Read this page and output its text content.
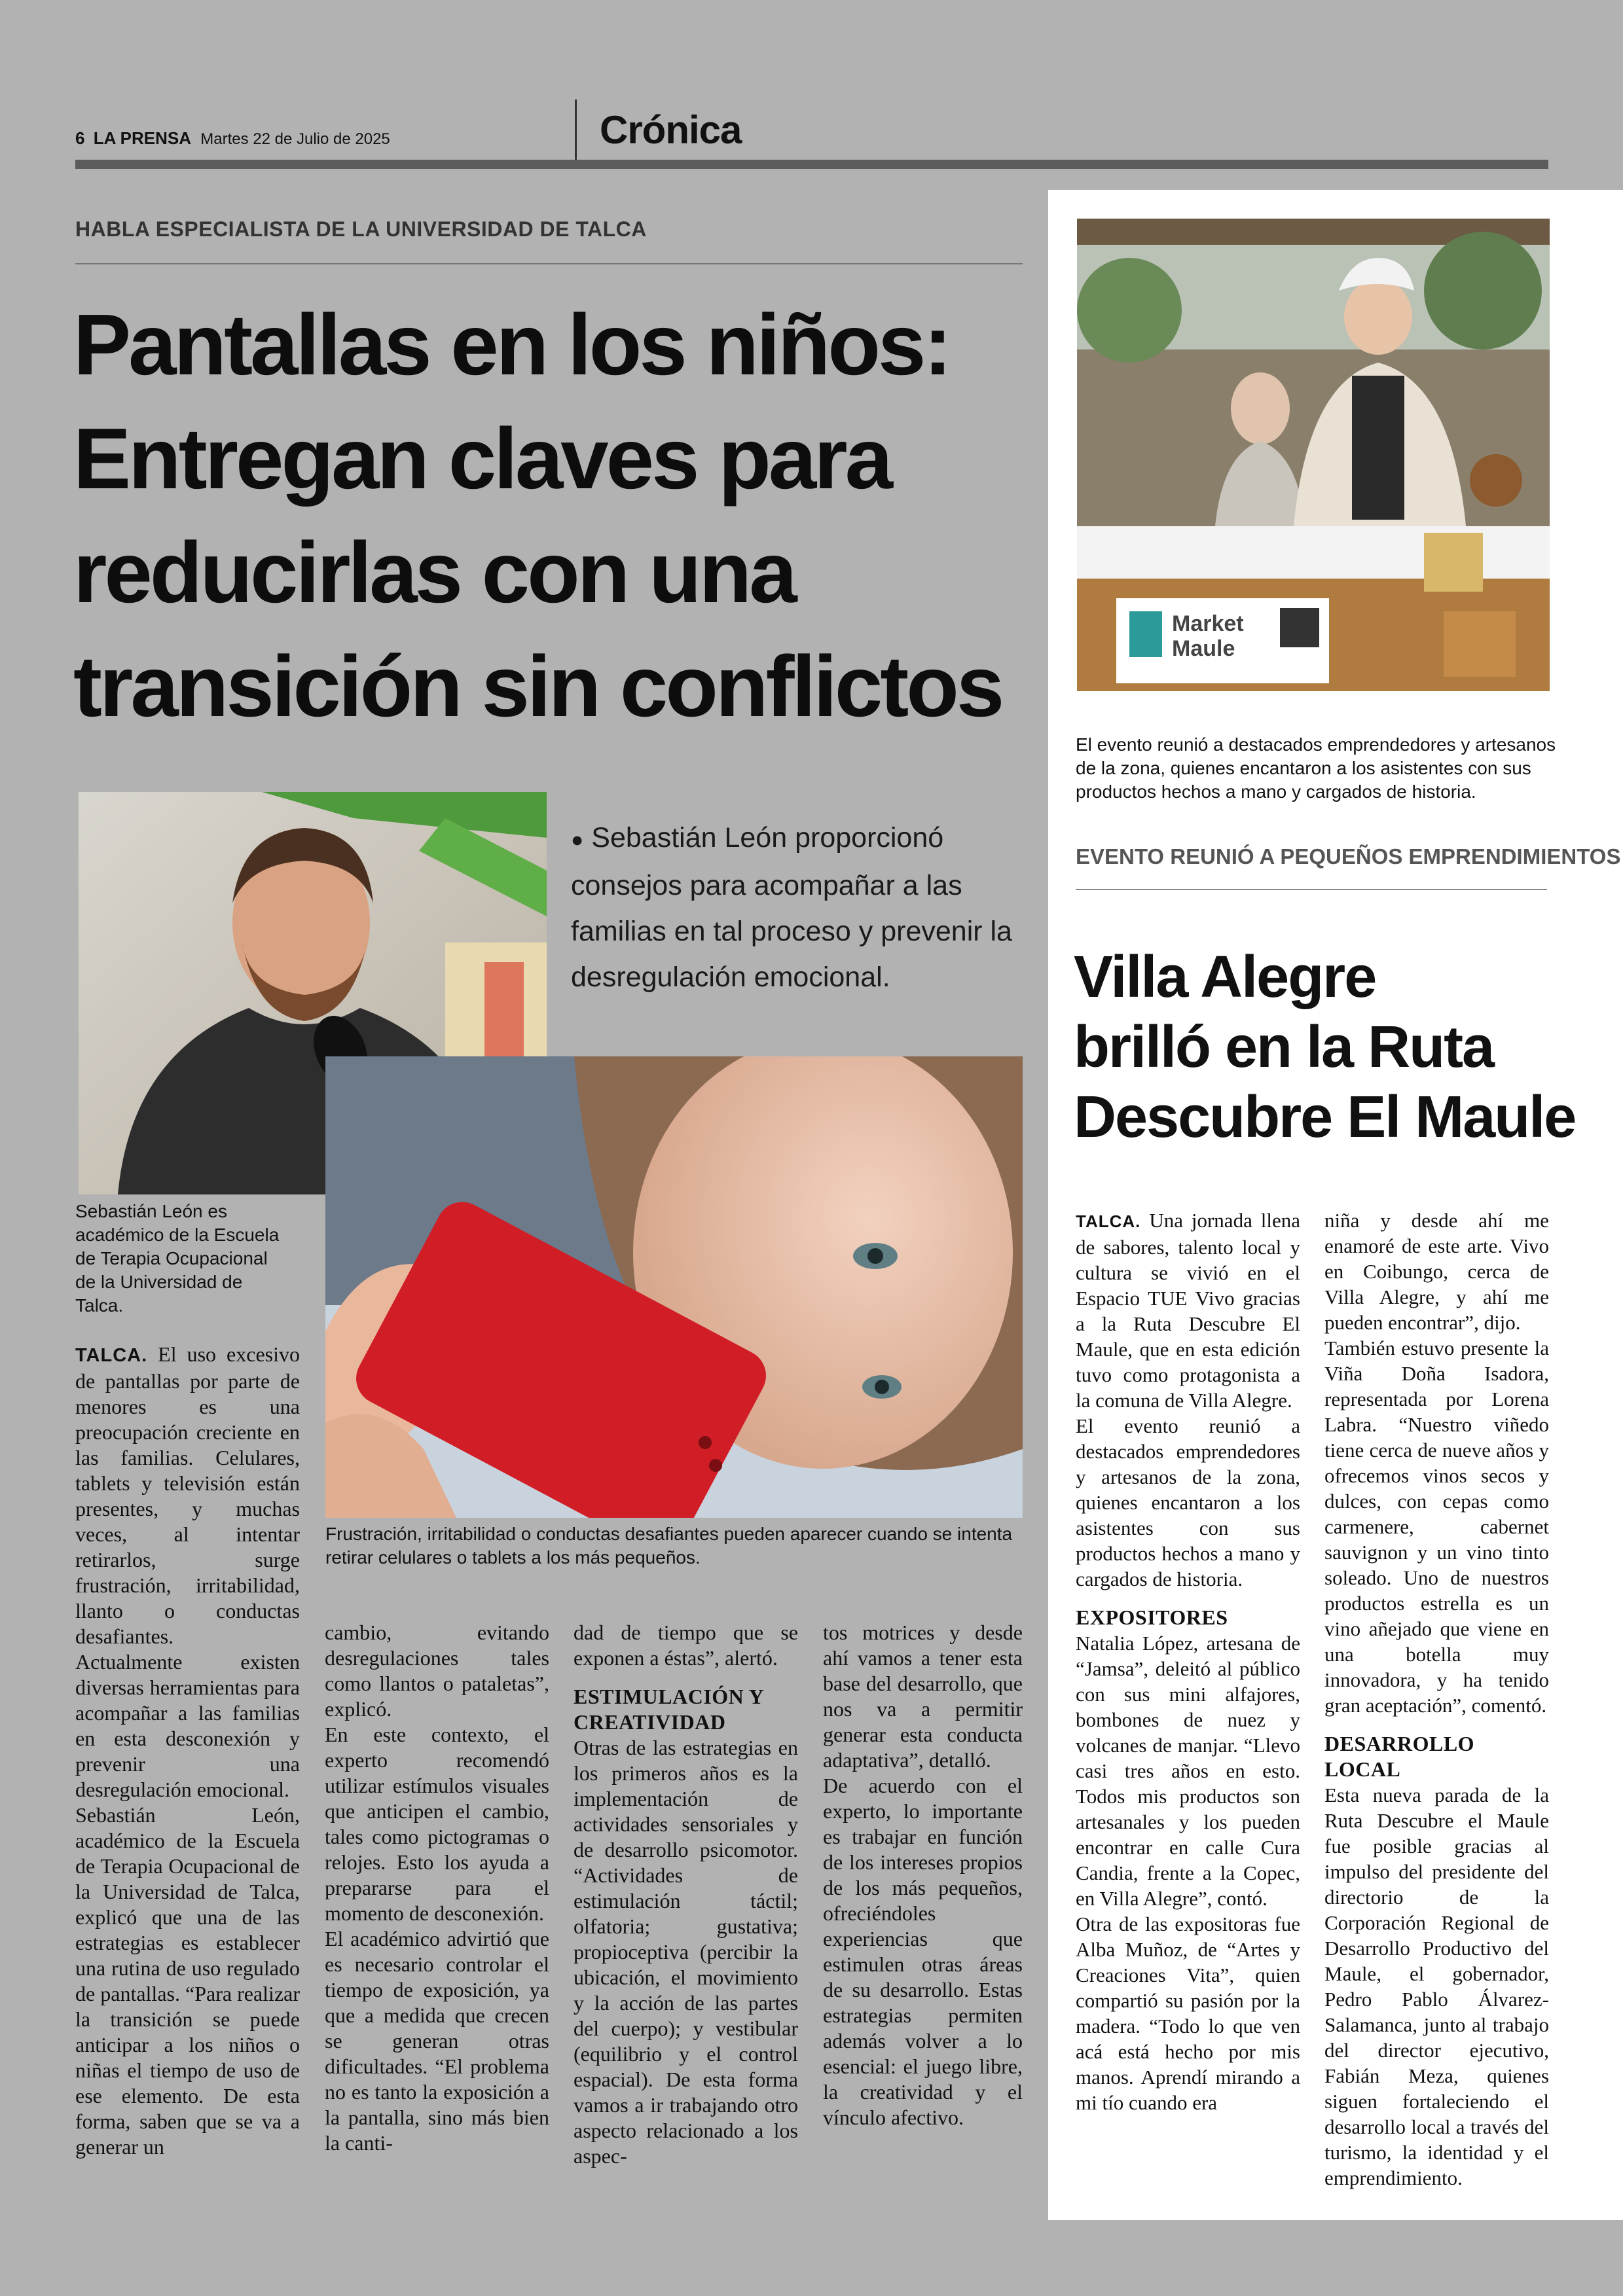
6 LA PRENSA Martes 22 de Julio de 2025	Crónica
HABLA ESPECIALISTA DE LA UNIVERSIDAD DE TALCA
Pantallas en los niños:
Entregan claves para
reducirlas con una
transición sin conflictos
Sebastián León es académico de la Escuela de Terapia Ocupacional de la Universidad de Talca.
● Sebastián León proporcionó consejos para acompañar a las familias en tal proceso y prevenir la desregulación emocional.
Frustración, irritabilidad o conductas desafiantes pueden aparecer cuando se intenta retirar celulares o tablets a los más pequeños.

TALCA. El uso excesivo de pantallas por parte de menores es una preocupación creciente en las familias. Celulares, tablets y televisión están presentes, y muchas veces, al intentar retirarlos, surge frustración, irritabilidad, llanto o conductas desafiantes.

Actualmente existen diversas herramientas para acompañar a las familias en esta desconexión y prevenir una desregulación emocional.

Sebastián León, académico de la Escuela de Terapia Ocupacional de la Universidad de Talca, explicó que una de las estrategias es establecer una rutina de uso regulado de pantallas. “Para realizar la transición se puede anticipar a los niños o niñas el tiempo de uso de ese elemento. De esta forma, saben que se va a generar un

cambio, evitando desregulaciones tales como llantos o pataletas”, explicó.

En este contexto, el experto recomendó utilizar estímulos visuales que anticipen el cambio, tales como pictogramas o relojes. Esto los ayuda a prepararse para el momento de desconexión.

El académico advirtió que es necesario controlar el tiempo de exposición, ya que a medida que crecen se generan otras dificultades. “El problema no es tanto la exposición a la pantalla, sino más bien la canti-

dad de tiempo que se exponen a éstas”, alertó.

ESTIMULACIÓN Y CREATIVIDAD

Otras de las estrategias en los primeros años es la implementación de actividades sensoriales y de desarrollo psicomotor. “Actividades de estimulación táctil; olfatoria; gustativa; propioceptiva (percibir la ubicación, el movimiento y la acción de las partes del cuerpo); y vestibular (equilibrio y el control espacial). De esta forma vamos a ir trabajando otro aspecto relacionado a los aspec-

tos motrices y desde ahí vamos a tener esta base del desarrollo, que nos va a permitir generar esta conducta adaptativa”, detalló.

De acuerdo con el experto, lo importante es trabajar en función de los intereses propios de los más pequeños, ofreciéndoles experiencias que estimulen otras áreas de su desarrollo. Estas estrategias permiten además volver a lo esencial: el juego libre, la creatividad y el vínculo afectivo.

Market
Maule
El evento reunió a destacados emprendedores y artesanos de la zona, quienes encantaron a los asistentes con sus productos hechos a mano y cargados de historia.
EVENTO REUNIÓ A PEQUEÑOS EMPRENDIMIENTOS
Villa Alegre
brilló en la Ruta
Descubre El Maule

TALCA. Una jornada llena de sabores, talento local y cultura se vivió en el Espacio TUE Vivo gracias a la Ruta Descubre El Maule, que en esta edición tuvo como protagonista a la comuna de Villa Alegre.

El evento reunió a destacados emprendedores y artesanos de la zona, quienes encantaron a los asistentes con sus productos hechos a mano y cargados de historia.

EXPOSITORES

Natalia López, artesana de “Jamsa”, deleitó al público con sus mini alfajores, bombones de nuez y volcanes de manjar. “Llevo casi tres años en esto. Todos mis productos son artesanales y los pueden encontrar en calle Cura Candia, frente a la Copec, en Villa Alegre”, contó.

Otra de las expositoras fue Alba Muñoz, de “Artes y Creaciones Vita”, quien compartió su pasión por la madera. “Todo lo que ven acá está hecho por mis manos. Aprendí mirando a mi tío cuando era

niña y desde ahí me enamoré de este arte. Vivo en Coibungo, cerca de Villa Alegre, y ahí me pueden encontrar”, dijo.

También estuvo presente la Viña Doña Isadora, representada por Lorena Labra. “Nuestro viñedo tiene cerca de nueve años y ofrecemos vinos secos y dulces, con cepas como carmenere, cabernet sauvignon y un vino tinto soleado. Uno de nuestros productos estrella es un vino añejado que viene en una botella muy innovadora, y ha tenido gran aceptación”, comentó.

DESARROLLO LOCAL

Esta nueva parada de la Ruta Descubre el Maule fue posible gracias al impulso del presidente del directorio de la Corporación Regional de Desarrollo Productivo del Maule, el gobernador, Pedro Pablo Álvarez-Salamanca, junto al trabajo del director ejecutivo, Fabián Meza, quienes siguen fortaleciendo el desarrollo local a través del turismo, la identidad y el emprendimiento.
